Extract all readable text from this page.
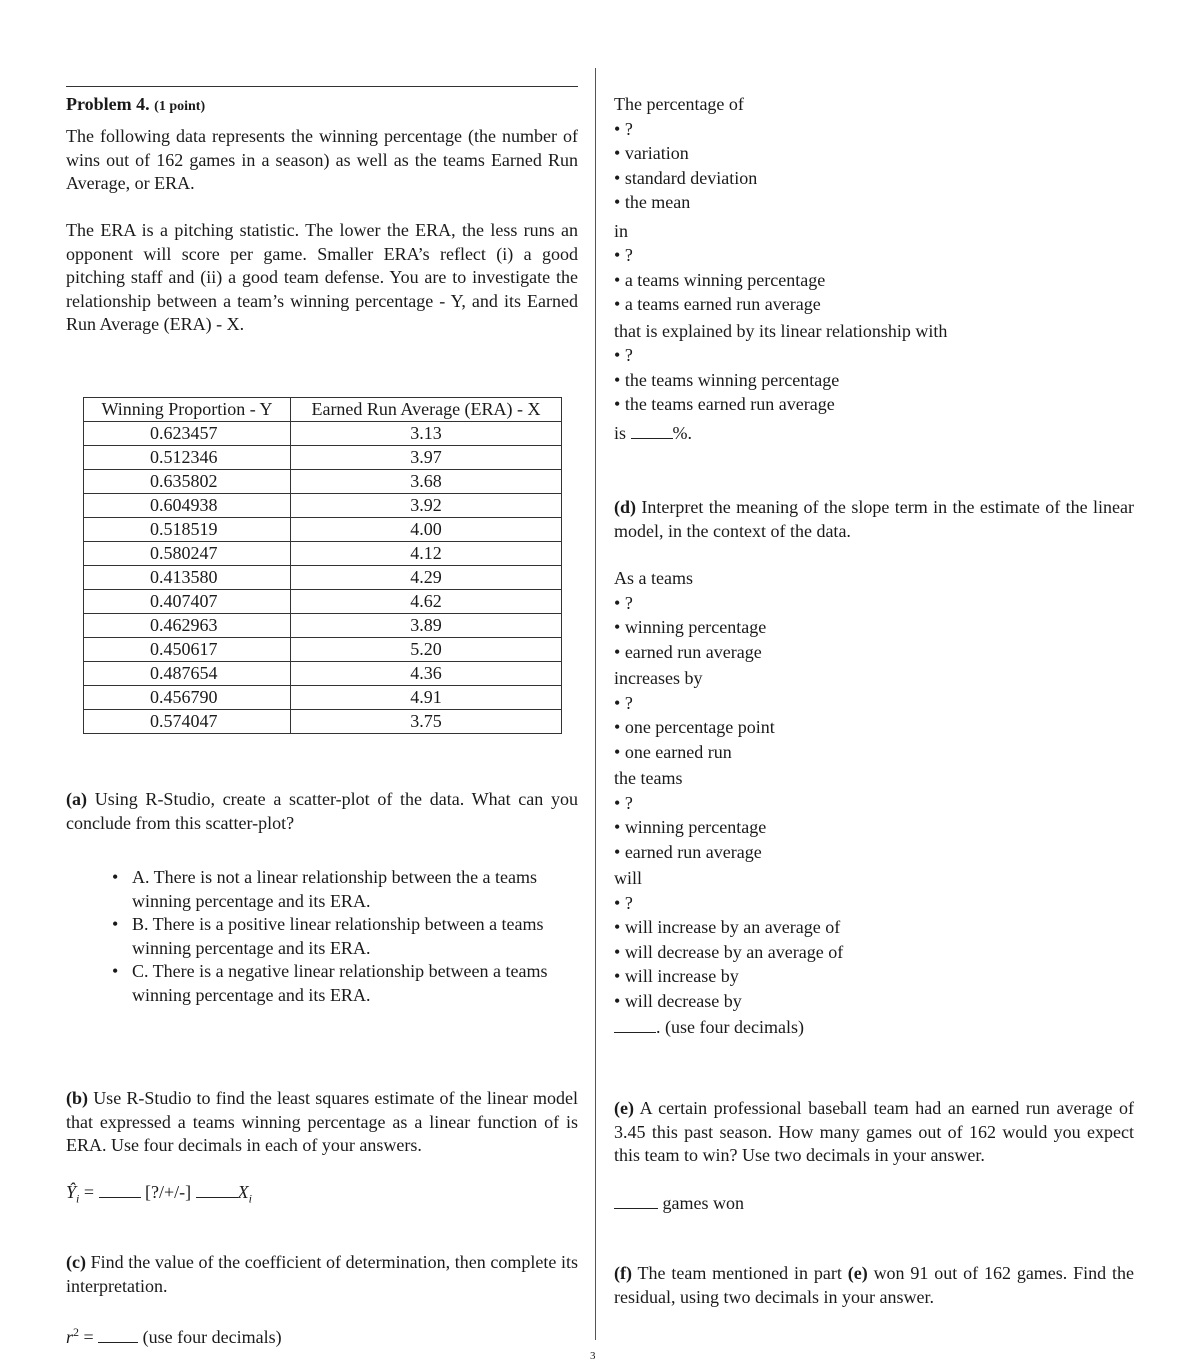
3

Problem 4. (1 point)

The following data represents the winning percentage (the number of wins out of 162 games in a season) as well as the teams Earned Run Average, or ERA.

The ERA is a pitching statistic. The lower the ERA, the less runs an opponent will score per game. Smaller ERA’s reflect (i) a good pitching staff and (ii) a good team defense. You are to investigate the relationship between a team’s winning percentage - Y, and its Earned Run Average (ERA) - X.

Winning Proportion - Y	Earned Run Average (ERA) - X
0.623457	3.13
0.512346	3.97
0.635802	3.68
0.604938	3.92
0.518519	4.00
0.580247	4.12
0.413580	4.29
0.407407	4.62
0.462963	3.89
0.450617	5.20
0.487654	4.36
0.456790	4.91
0.574047	3.75

(a) Using R-Studio, create a scatter-plot of the data. What can you conclude from this scatter-plot?

• A. There is not a linear relationship between the a teams winning percentage and its ERA.
• B. There is a positive linear relationship between a teams winning percentage and its ERA.
• C. There is a negative linear relationship between a teams winning percentage and its ERA.

(b) Use R-Studio to find the least squares estimate of the linear model that expressed a teams winning percentage as a linear function of is ERA. Use four decimals in each of your answers.

$Ŷ_i$ =	[?/+/-]	$X_i$

(c) Find the value of the coefficient of determination, then complete its interpretation.

$r^2$ =	(use four decimals)
The percentage of
• ?
• variation
• standard deviation
• the mean
in
• ?
• a teams winning percentage
• a teams earned run average
that is explained by its linear relationship with
• ?
• the teams winning percentage
• the teams earned run average
is	%.

(d) Interpret the meaning of the slope term in the estimate of the linear model, in the context of the data.

As a teams
• ?
• winning percentage
• earned run average
increases by
• ?
• one percentage point
• one earned run
the teams
• ?
• winning percentage
• earned run average
will
• ?
• will increase by an average of
• will decrease by an average of
• will increase by
• will decrease by
. (use four decimals)

(e) A certain professional baseball team had an earned run average of 3.45 this past season. How many games out of 162 would you expect this team to win? Use two decimals in your answer.

games won

(f) The team mentioned in part (e) won 91 out of 162 games. Find the residual, using two decimals in your answer.
